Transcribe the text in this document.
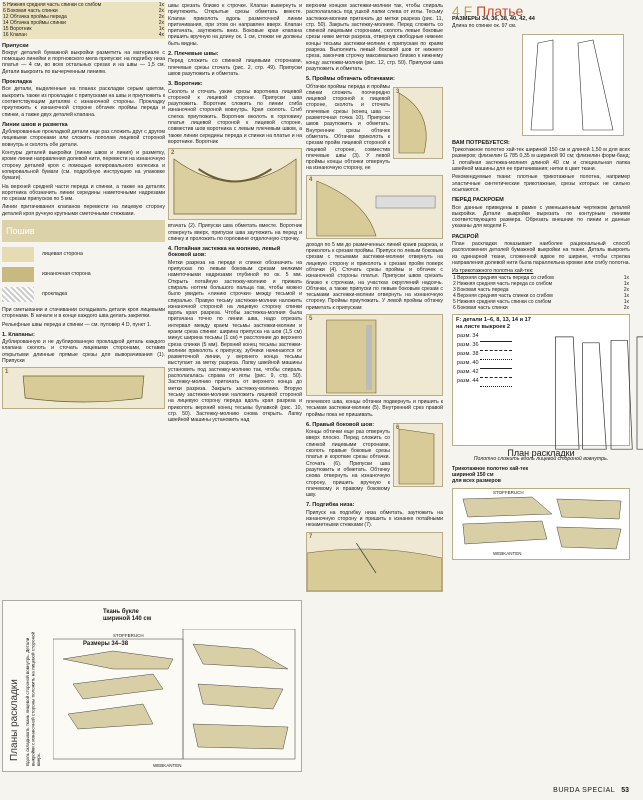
5 Нижняя средняя часть спинки со сгибом	1x
6 Боковая часть спинки	2x
12 Обтачка проймы переда	2x
14 Обтачка проймы спинки	2x
15 Воротник	1x
16 Клапан	4x
Припуски

Вокруг деталей бумажной выкройки разметить на материале с помощью линейки и портновского мела припуски: на подгибку низа платья — 4 см, во всех остальных срезах и на швы — 1,5 см. Детали выкроить по вычерченным линиям.

Прокладка

Все детали, выделенные на планах раскладки серым цветом, выкроить также из прокладки с припусками на швы и приутюжить к соответствующим деталям с изнаночной стороны. Прокладку приутюжить к изнаночной стороне обтачек проймы переда и спинки, а также двух деталей клапана.

Линии швов и разметка

Дублированные прокладкой детали еще раз сложить друг с другом лицевыми сторонами или сложить пополам лицевой стороной вовнутрь и сколоть обе детали.

Контуры деталей выкройки (линии швов и линия) и разметку, кроме линии направления долевой нити, перевести на изнаночную сторону деталей кроя с помощью копировального колесика и копировальной бумаги (см. подробную инструкцию на упаковке бумаги).

На верхней средней части переда и спинки, а также на деталях воротника обозначить линии середины наметочными надрезами по срезам припусков по 5 мм.

Линии притачивания клапанов перевести на лицевую сторону деталей кроя ручную крупными сметочными стежками.

Пошив
лицевая сторона
изнаночная сторона
прокладка

При сметывании и стачивании складывать детали кроя лицевыми сторонами. В начале и в конце каждого шва делать закрепки.

Рельефные швы переда и спинки — см. пуловер 4 D, пункт 1.

1. Клапаны:

Дублированную и не дублированную прокладкой деталь каждого клапана сколоть и сточать лицевыми сторонами, оставив открытыми длинные прямые срезы для выворачивания (1). Припуски

1
Планы раскладки Вдоль складывать ткань лицевой стороной вовнутрь. Детали выкройки с изнаночной стороны положить на лицевой стороной вверх.
Ткань букле
шириной 140 см
Размеры 34–38
STOFFBRUCH
WEBKANTEN

швы срезать близко к строчке. Клапан вывернуть и приутюжить. Открытые срезы обметать вместе. Клапан приколоть вдоль разметочной линии притачивания, при этом он направлен вверх. Клапан притачать, заутюжить вниз. Боковые края клапана пришить вручную на длину ок. 1 см, стежки не должны быть видны.

2. Плечевые швы:

Перед сложить со спинкой лицевыми сторонами, плечевые срезы сточать (рис. 2, стр. 49). Припуски швов разутюжить и обметать.

3. Воротник:

Сколоть и сточать узкие срезы воротника лицевой стороной к лицевой стороне. Припуски шва разутюжить. Воротник сложить по линии сгиба изнаночной стороной вовнутрь. Края сколоть. Сгиб слегка приутюжить. Воротник вколоть в горловину платья лицевой стороной к лицевой стороне, совместив шов воротника с левым плечевым швом, а также линии середины переда и спинки на платье и на воротнике. Воротник

2

втачать (2). Припуски шва обметать вместе. Воротник отвернуть вверх, припуски шва заутюжить на перед и спинку и проложить по горловине отделочную строчку.

4. Потайная застежка на молнию, левый боковой шов:

Метки разреза на переде и спинке обозначить на припусках по левым боковым срезам мелкими наметочными надрезами глубиной по ок. 5 мм. Открыть потайную застежку-молнию и прижать спираль ногтем большого пальца так, чтобы можно было увидеть «линию строчки» между тесьмой и спиралью. Правую тесьму застежки-молнии наложить изнаночной стороной на лицевую сторону спинки вдоль края разреза. Чтобы застежка-молния была притачана точно по линии шва, надо отрезать интервал между краем тесьмы застежки-молнии и краем среза спинки: ширина припуска на шов (1,5 см) минус ширина тесьмы (1 см) = расстояние до верхнего среза спинки (5 мм). Верхний конец тесьмы застежки-молнии приколоть к припуску, зубчики начинаются от разметочной линии, у верхнего конца тесьмы выступает за метку разреза. Лапку швейной машины установить под застежку-молнию так, чтобы спираль располагалась справа от иглы (рис. 9, стр. 50). Застежку-молнию притачать от верхнего конца до метки разреза. Закрыть застежку-молнию. Вторую тесьму застежки-молнии наложить лицевой стороной на лицевую сторону переда вдоль края разреза и приколоть верхний конец тесьмы булавкой (рис. 10, стр. 50). Застежку-молнию снова открыть. Лапку швейной машины установить над

верхним концом застежки-молнии так, чтобы спираль располагалась под ушкой лапки слева от иглы. Тесьму застежки-молнии притачать до метки разреза (рис. 11, стр. 50). Закрыть застежку-молнию. Перед сложить со спинкой лицевыми сторонами, сколоть левые боковые срезы ниже метки разреза, отвернув свободные нижние концы тесьмы застежки-молнии к припускам по краям разреза. Выполнить левый боковой шов от нижнего среза, закончив строчку максимально близко к нижнему концу застежки-молнии (рис. 12, стр. 50). Припуски шва разутюжить и обметать.

5. Проймы обтачать обтачками:
3

Обтачки проймы переда и проймы спинки сложить поочередно лицевой стороной к лицевой стороне, сколоть и сточать плечевые срезы (конец шва — разметочная точка 10). Припуски швов разутюжить и обметать. Внутренние срезы обтачек обметать. Обтачки приколоть к срезам пройм лицевой стороной к лицевой стороне, совместив плечевые швы (3). У левой проймы концы обтачки отвернуть на изнаночную сторону, не

4

доходя по 5 мм до размеченных линий краев разреза, и приколоть к срезам проймы. Припуск по левым боковым срезам с тесьмами застежки-молнии отвернуть на лицевую сторону и приколоть к срезам пройм поверх обтачки (4). Сточать срезы проймы и обтачек с изнаночной стороны платья. Припуски швов срезать близко к строчкам, на участках округлений надсечь. Обтачки, а также припуски по левым боковым срезам с тесьмами застежки-молнии отвернуть на изнаночную сторону. Проймы приутюжить. У левой проймы обтачку приметать к припускам

5

плечевого шва, концы обтачки подвернуть и пришить к тесьмам застежки-молнии (5). Внутренний срез правой проймы пока не пришивать.

6
6. Правый боковой шов:

Концы обтачки еще раз отвернуть вверх плоско. Перед сложить со спинкой лицевыми сторонами, сколоть правые боковые срезы платья и короткие срезы обтачки. Сточать (6). Припуски шва разутюжить и обметать. Обтачку снова отвернуть на изнаночную сторону, пришить вручную к плечевому и правому боковому шву.

7. Подгибка низа:

Припуск на подгибку низа обметать, заутюжить на изнаночную сторону и пришить к изнанке потайными незаметными стежками (7).

7
4 F Платье
РАЗМЕРЫ 34, 36, 38, 40, 42, 44

Длина по спинке ок. 97 см.

ВАМ ПОТРЕБУЕТСЯ:

Трикотажное полотно хай-тек шириной 150 см и длиной 1,50 м для всех размеров; флизелин G 785 0,35 м шириной 90 см; флизелин форм-банд; 1 потайная застежка-молния длиной 40 см и специальная лапка швейной машины для ее притачивания; нитки в цвет ткани.

Рекомендуемые ткани: плотные трикотажные полотна, например эластичные синтетические трикотажные, срезы которых не сильно осыпаются.

ПЕРЕД РАСКРОЕМ

Все данные приведены в рамке с уменьшенным чертежом деталей выкройки. Детали выкройки вырезать по контурным линиям соответствующего размера. Обрезать внешние по линии и данные указаны для модели F.

РАСКРОЙ

План раскладки показывает наиболее рациональный способ расположения деталей бумажной выкройки на ткани. Деталь выкроить из одинарной ткани, сложенной вдвое по ширине, чтобы стрелка направления долевой нити была параллельна кромке или сгибу полотна.

Из трикотажного полотна хай-тек:
1 Верхняя средняя часть переда со сгибом	1x
2 Нижняя средняя часть переда со сгибом	1x
3 Боковая часть переда	2x
4 Верхняя средняя часть спинки со сгибом	1x
5 Нижняя средняя часть спинки со сгибом	1x
6 Боковая часть спинки	2x
F: детали 1–6, 8, 13, 14 и 17
на листе выкроек 2
разм. 34	
разм. 36	
разм. 38	
разм. 40	
разм. 42	
разм. 44	
План раскладки
Полотно сложить вдоль лицевой стороной вовнутрь.
Трикотажное полотно хай-тек
шириной 150 см
для всех размеров
STOFFBRUCH
WEBKANTEN
BURDA SPECIAL 53
